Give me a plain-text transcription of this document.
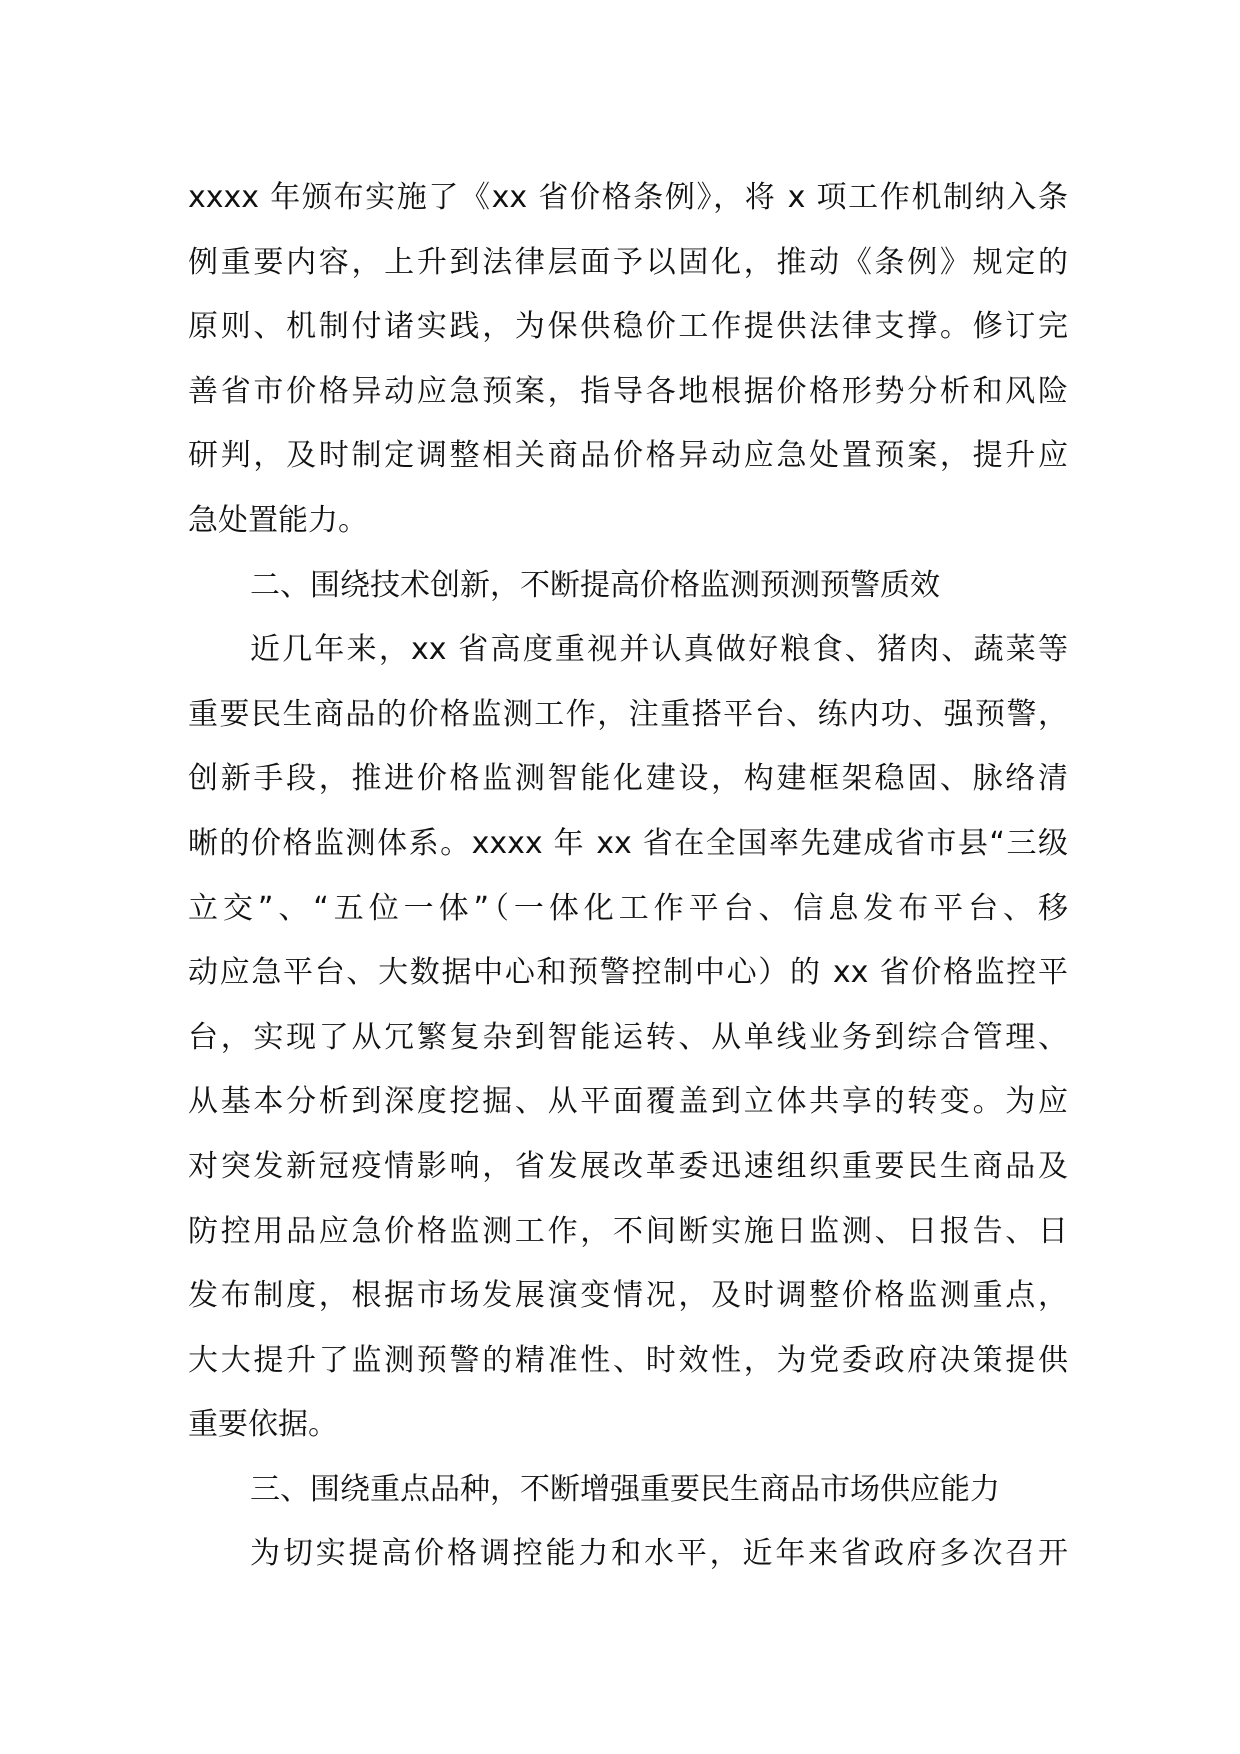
xxxx 年颁布实施了《xx 省价格条例》，将 x 项工作机制纳入条
例重要内容，上升到法律层面予以固化，推动《条例》规定的
原则、机制付诸实践，为保供稳价工作提供法律支撑。修订完
善省市价格异动应急预案，指导各地根据价格形势分析和风险
研判，及时制定调整相关商品价格异动应急处置预案，提升应
急处置能力。
二、围绕技术创新，不断提高价格监测预测预警质效
近几年来，xx 省高度重视并认真做好粮食、猪肉、蔬菜等
重要民生商品的价格监测工作，注重搭平台、练内功、强预警，
创新手段，推进价格监测智能化建设，构建框架稳固、脉络清
晰的价格监测体系。xxxx 年 xx 省在全国率先建成省市县“三级
立交”、“五位一体”（一体化工作平台、信息发布平台、移
动应急平台、大数据中心和预警控制中心）的 xx 省价格监控平
台，实现了从冗繁复杂到智能运转、从单线业务到综合管理、
从基本分析到深度挖掘、从平面覆盖到立体共享的转变。为应
对突发新冠疫情影响，省发展改革委迅速组织重要民生商品及
防控用品应急价格监测工作，不间断实施日监测、日报告、日
发布制度，根据市场发展演变情况，及时调整价格监测重点，
大大提升了监测预警的精准性、时效性，为党委政府决策提供
重要依据。
三、围绕重点品种，不断增强重要民生商品市场供应能力
为切实提高价格调控能力和水平，近年来省政府多次召开
